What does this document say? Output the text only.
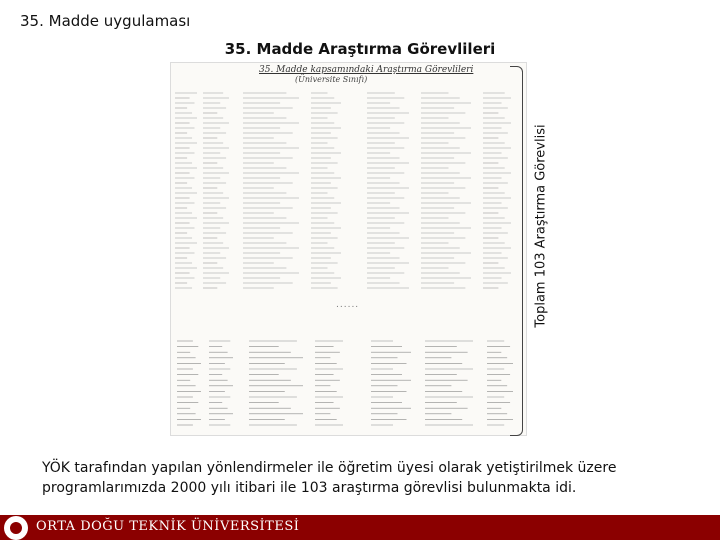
35. Madde uygulaması
35. Madde Araştırma Görevlileri
35. Madde kapsamındaki Araştırma Görevlileri
(Üniversite Sınıfı)
......	Toplam 103 Araştırma Görevlisi
YÖK tarafından yapılan yönlendirmeler ile öğretim üyesi olarak yetiştirilmek üzere programlarımızda 2000 yılı itibari ile 103 araştırma görevlisi bulunmakta idi.
ORTA DOĞU TEKNİK ÜNİVERSİTESİ
